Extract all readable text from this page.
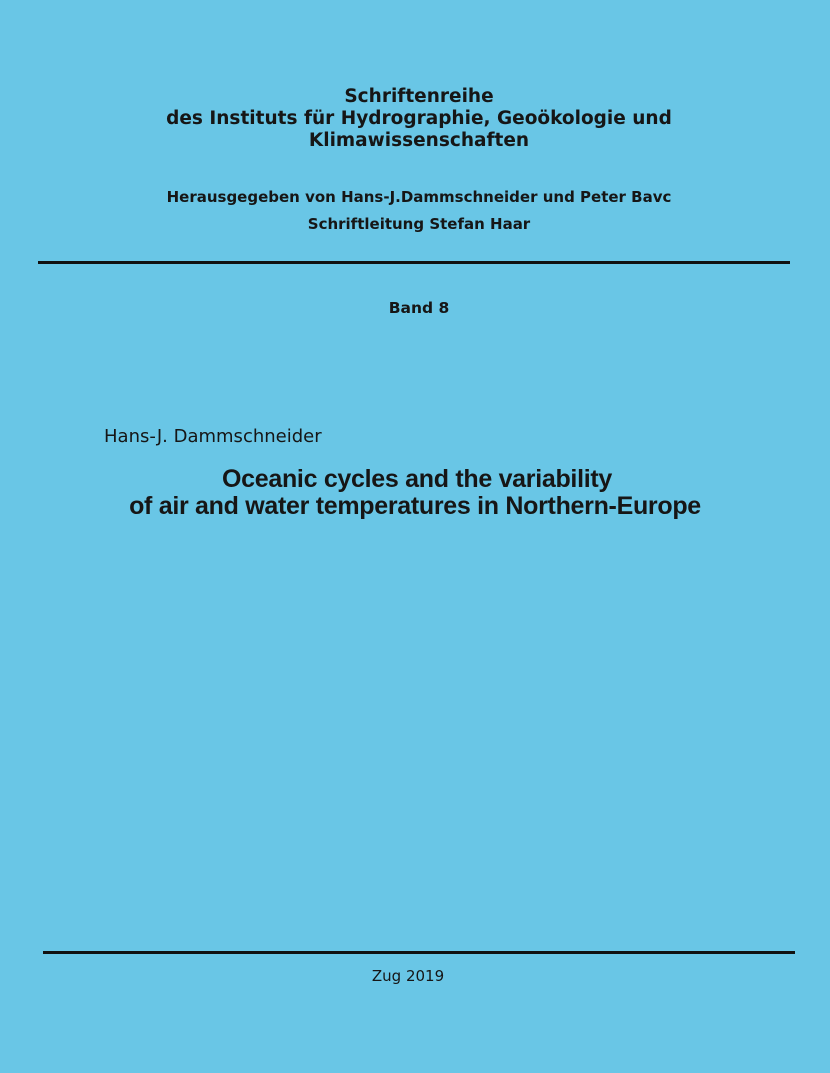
Schriftenreihe
des Instituts für Hydrographie, Geoökologie und
Klimawissenschaften
Herausgegeben von Hans-J.Dammschneider und Peter Bavc
Schriftleitung Stefan Haar
Band 8
Hans-J. Dammschneider
Oceanic cycles and the variability
of air and water temperatures in Northern-Europe
Zug 2019
